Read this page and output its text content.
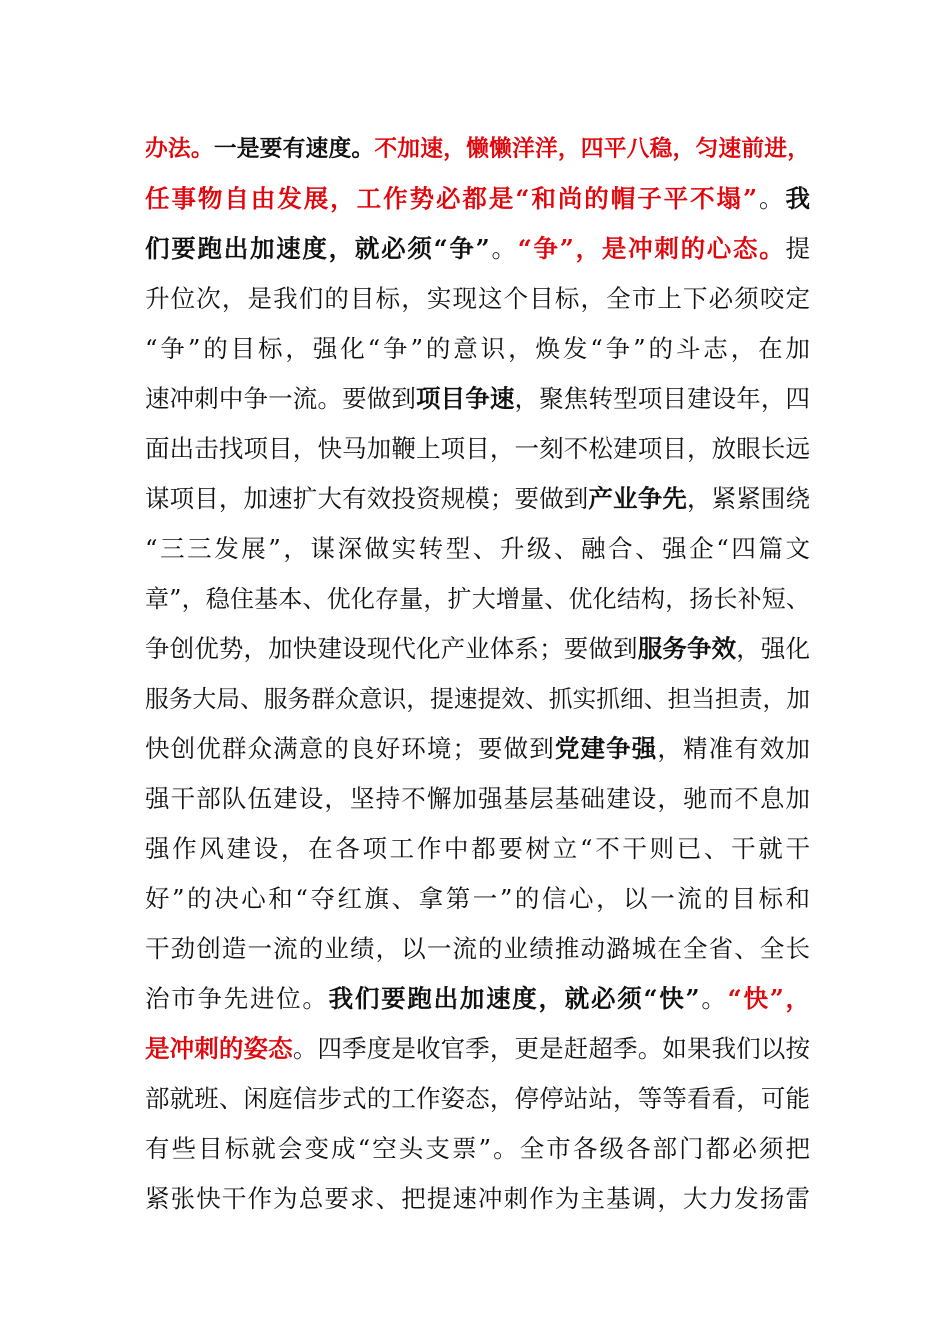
办法。一是要有速度。不加速，懒懒洋洋，四平八稳，匀速前进，
任事物自由发展，工作势必都是“和尚的帽子平不塌”。我
们要跑出加速度，就必须“争”。“争”，是冲刺的心态。提
升位次，是我们的目标，实现这个目标，全市上下必须咬定
“争”的目标，强化“争”的意识，焕发“争”的斗志，在加
速冲刺中争一流。要做到项目争速，聚焦转型项目建设年，四
面出击找项目，快马加鞭上项目，一刻不松建项目，放眼长远
谋项目，加速扩大有效投资规模；要做到产业争先，紧紧围绕
“三三发展”，谋深做实转型、升级、融合、强企“四篇文
章”，稳住基本、优化存量，扩大增量、优化结构，扬长补短、
争创优势，加快建设现代化产业体系；要做到服务争效，强化
服务大局、服务群众意识，提速提效、抓实抓细、担当担责，加
快创优群众满意的良好环境；要做到党建争强，精准有效加
强干部队伍建设，坚持不懈加强基层基础建设，驰而不息加
强作风建设，在各项工作中都要树立“不干则已、干就干
好”的决心和“夺红旗、拿第一”的信心，以一流的目标和
干劲创造一流的业绩，以一流的业绩推动潞城在全省、全长
治市争先进位。我们要跑出加速度，就必须“快”。“快”，
是冲刺的姿态。四季度是收官季，更是赶超季。如果我们以按
部就班、闲庭信步式的工作姿态，停停站站，等等看看，可能
有些目标就会变成“空头支票”。全市各级各部门都必须把
紧张快干作为总要求、把提速冲刺作为主基调，大力发扬雷
